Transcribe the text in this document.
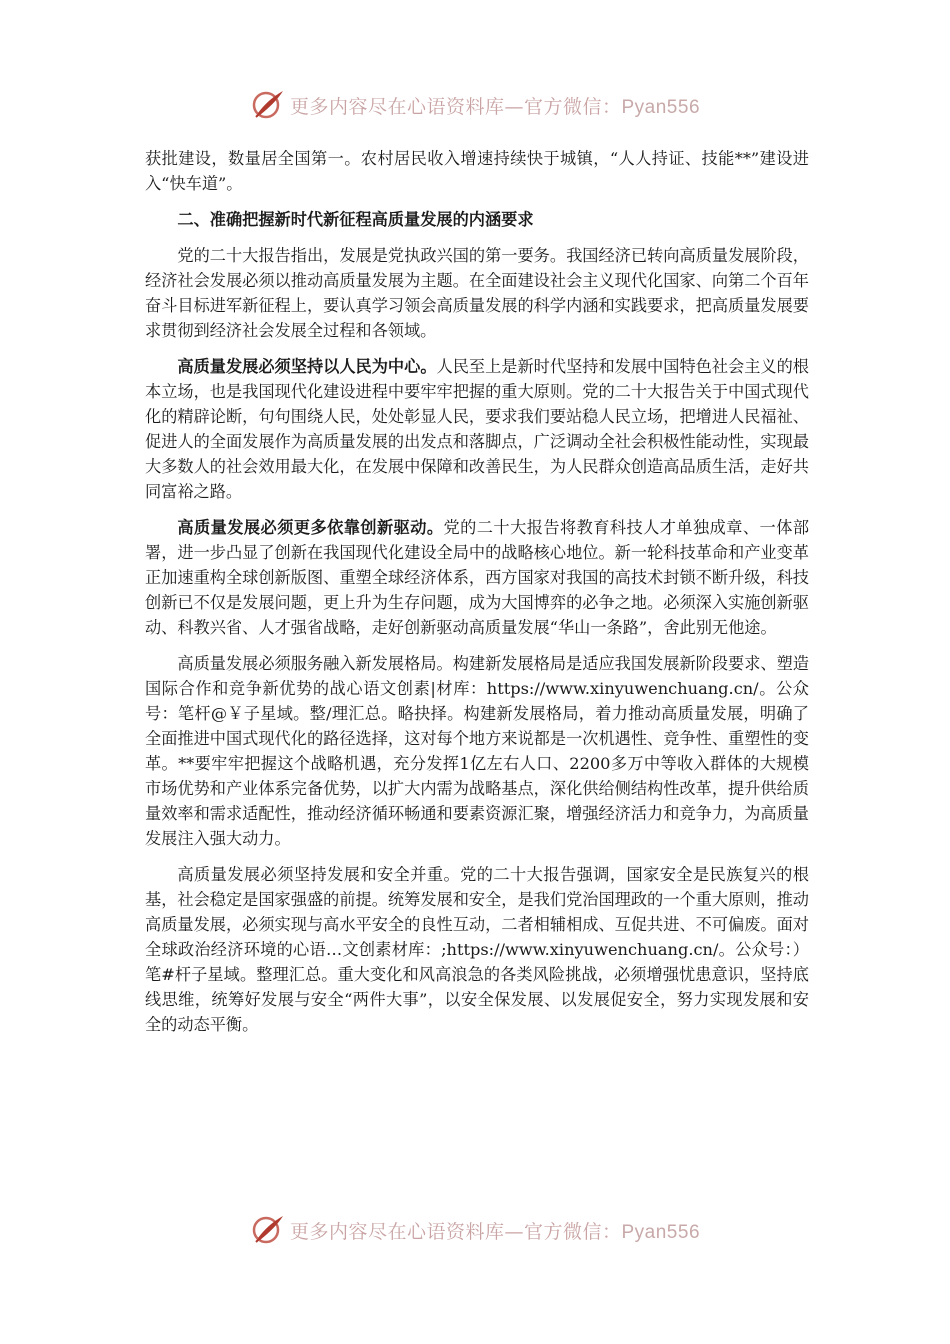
更多内容尽在心语资料库—官方微信：Pyan556

获批建设，数量居全国第一。农村居民收入增速持续快于城镇，“人人持证、技能**”建设进入“快车道”。

二、准确把握新时代新征程高质量发展的内涵要求

党的二十大报告指出，发展是党执政兴国的第一要务。我国经济已转向高质量发展阶段，经济社会发展必须以推动高质量发展为主题。在全面建设社会主义现代化国家、向第二个百年奋斗目标进军新征程上，要认真学习领会高质量发展的科学内涵和实践要求，把高质量发展要求贯彻到经济社会发展全过程和各领域。

高质量发展必须坚持以人民为中心。人民至上是新时代坚持和发展中国特色社会主义的根本立场，也是我国现代化建设进程中要牢牢把握的重大原则。党的二十大报告关于中国式现代化的精辟论断，句句围绕人民，处处彰显人民，要求我们要站稳人民立场，把增进人民福祉、促进人的全面发展作为高质量发展的出发点和落脚点，广泛调动全社会积极性能动性，实现最大多数人的社会效用最大化，在发展中保障和改善民生，为人民群众创造高品质生活，走好共同富裕之路。

高质量发展必须更多依靠创新驱动。党的二十大报告将教育科技人才单独成章、一体部署，进一步凸显了创新在我国现代化建设全局中的战略核心地位。新一轮科技革命和产业变革正加速重构全球创新版图、重塑全球经济体系，西方国家对我国的高技术封锁不断升级，科技创新已不仅是发展问题，更上升为生存问题，成为大国博弈的必争之地。必须深入实施创新驱动、科教兴省、人才强省战略，走好创新驱动高质量发展“华山一条路”，舍此别无他途。

高质量发展必须服务融入新发展格局。构建新发展格局是适应我国发展新阶段要求、塑造国际合作和竞争新优势的战心语文创素|材库：https://www.xinyuwenchuang.cn/。公众号：笔杆@￥子星域。整/理汇总。略抉择。构建新发展格局，着力推动高质量发展，明确了全面推进中国式现代化的路径选择，这对每个地方来说都是一次机遇性、竞争性、重塑性的变革。**要牢牢把握这个战略机遇，充分发挥1亿左右人口、2200多万中等收入群体的大规模市场优势和产业体系完备优势，以扩大内需为战略基点，深化供给侧结构性改革，提升供给质量效率和需求适配性，推动经济循环畅通和要素资源汇聚，增强经济活力和竞争力，为高质量发展注入强大动力。

高质量发展必须坚持发展和安全并重。党的二十大报告强调，国家安全是民族复兴的根基，社会稳定是国家强盛的前提。统筹发展和安全，是我们党治国理政的一个重大原则，推动高质量发展，必须实现与高水平安全的良性互动，二者相辅相成、互促共进、不可偏废。面对全球政治经济环境的心语…文创素材库：;https://www.xinyuwenchuang.cn/。公众号：）笔#杆子星域。整理汇总。重大变化和风高浪急的各类风险挑战，必须增强忧患意识，坚持底线思维，统筹好发展与安全“两件大事”，以安全保发展、以发展促安全，努力实现发展和安全的动态平衡。

更多内容尽在心语资料库—官方微信：Pyan556
